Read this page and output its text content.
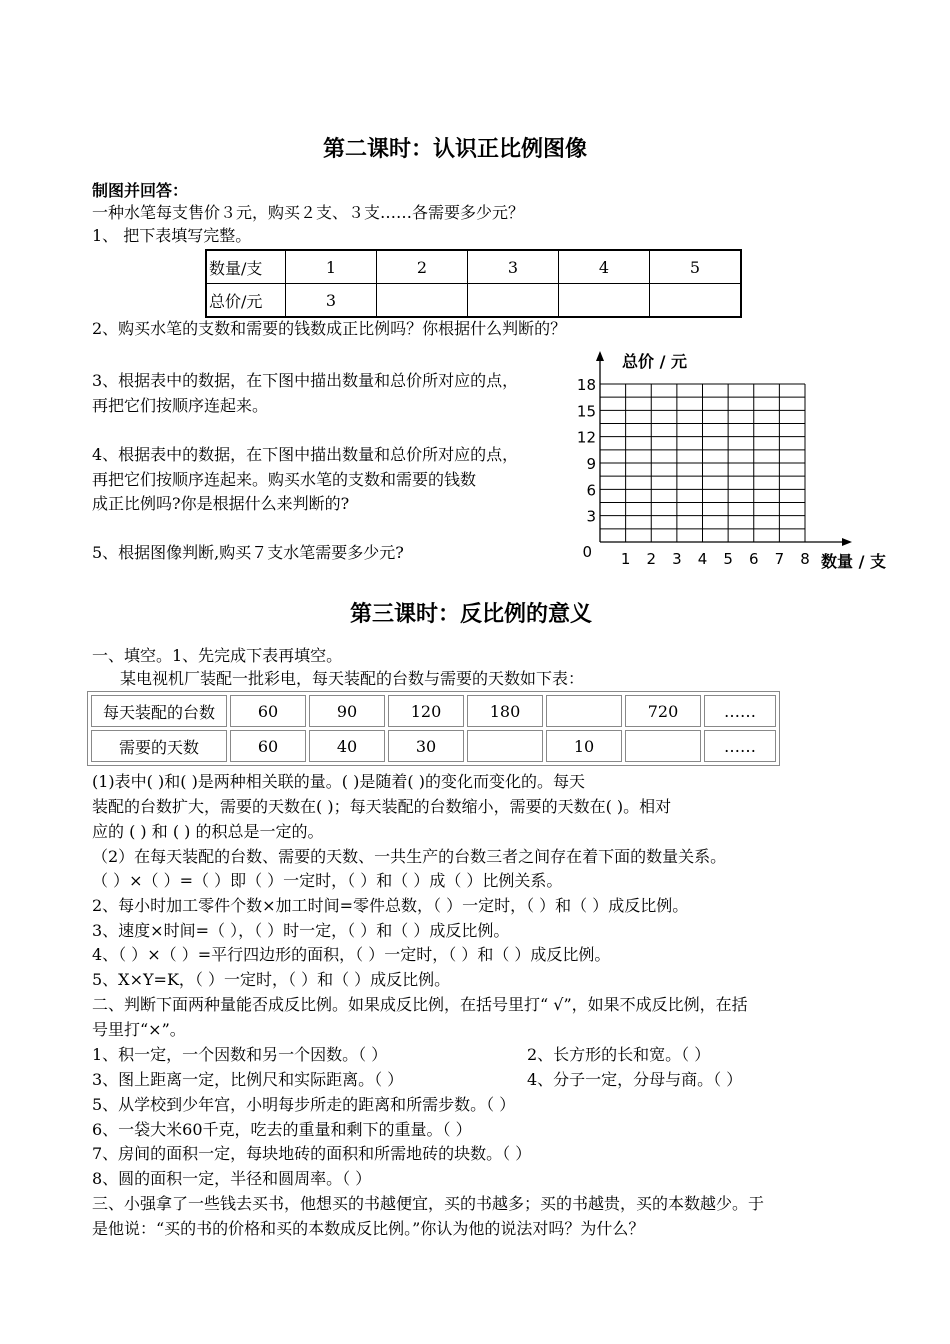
第二课时：认识正比例图像
制图并回答：
一种水笔每支售价３元，购买２支、３支……各需要多少元？
1、 把下表填写完整。
数量/支	1	2	3	4	5
总价/元	3				
2、购买水笔的支数和需要的钱数成正比例吗？你根据什么判断的？
3、根据表中的数据，在下图中描出数量和总价所对应的点，
再把它们按顺序连起来。
4、根据表中的数据，在下图中描出数量和总价所对应的点，
再把它们按顺序连起来。购买水笔的支数和需要的钱数
成正比例吗?你是根据什么来判断的?
5、根据图像判断,购买７支水笔需要多少元?	1 2 3 4 5 6 7 8
3
6
9
12
15
18
总价 / 元
数量 / 支
0
第三课时：反比例的意义
一、填空。1、先完成下表再填空。
某电视机厂装配一批彩电，每天装配的台数与需要的天数如下表：
每天装配的台数	60	90	120	180		720	……
需要的天数	60	40	30		10		……
(1)表中( )和( )是两种相关联的量。( )是随着( )的变化而变化的。每天
装配的台数扩大，需要的天数在( )；每天装配的台数缩小，需要的天数在( )。相对
应的 ( ) 和 ( ) 的积总是一定的。
（2）在每天装配的台数、需要的天数、一共生产的台数三者之间存在着下面的数量关系。
（ ）×（ ）=（ ）即（ ）一定时，（ ）和（ ）成（ ）比例关系。
2、每小时加工零件个数×加工时间=零件总数，（ ）一定时，（ ）和（ ）成反比例。
3、速度×时间=（ ），（ ）时一定，（ ）和（ ）成反比例。
4、（ ）×（ ）=平行四边形的面积，（ ）一定时，（ ）和（ ）成反比例。
5、X×Y=K，（ ）一定时，（ ）和（ ）成反比例。
二、判断下面两种量能否成反比例。如果成反比例，在括号里打“ √”，如果不成反比例，在括
号里打“×”。
1、积一定，一个因数和另一个因数。（ ）	2、长方形的长和宽。（ ）
3、图上距离一定，比例尺和实际距离。（ ）	4、分子一定，分母与商。（ ）
5、从学校到少年宫，小明每步所走的距离和所需步数。（ ）
6、一袋大米60千克，吃去的重量和剩下的重量。（ ）
7、房间的面积一定，每块地砖的面积和所需地砖的块数。（ ）
8、圆的面积一定，半径和圆周率。（ ）
三、小强拿了一些钱去买书，他想买的书越便宜，买的书越多；买的书越贵，买的本数越少。于
是他说：“买的书的价格和买的本数成反比例。”你认为他的说法对吗？为什么？
